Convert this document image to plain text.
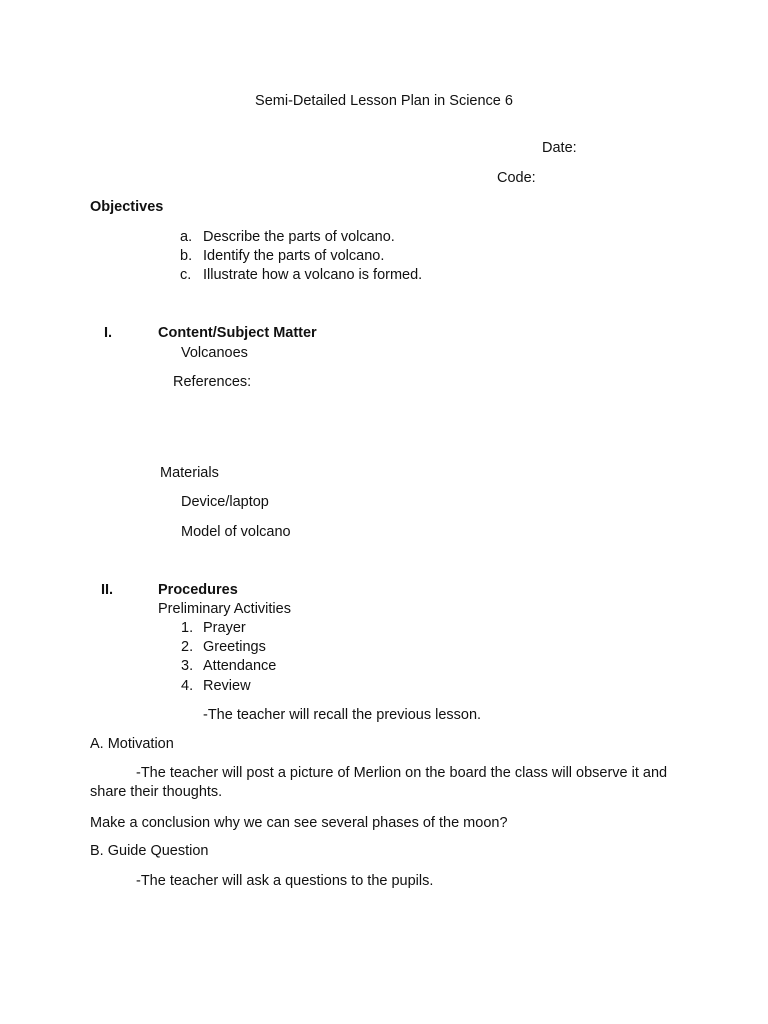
Semi-Detailed Lesson Plan in Science 6
Date:
Code:
Objectives
a. Describe the parts of volcano.
b. Identify the parts of volcano.
c. Illustrate how a volcano is formed.
I.	Content/Subject Matter
Volcanoes
References:
Materials
Device/laptop
Model of volcano
II.	Procedures
Preliminary Activities
1. Prayer
2. Greetings
3. Attendance
4. Review
-The teacher will recall the previous lesson.
A. Motivation
-The teacher will post a picture of Merlion on the board the class will observe it and share their thoughts.
Make a conclusion why we can see several phases of the moon?
B. Guide Question
-The teacher will ask a questions to the pupils.
